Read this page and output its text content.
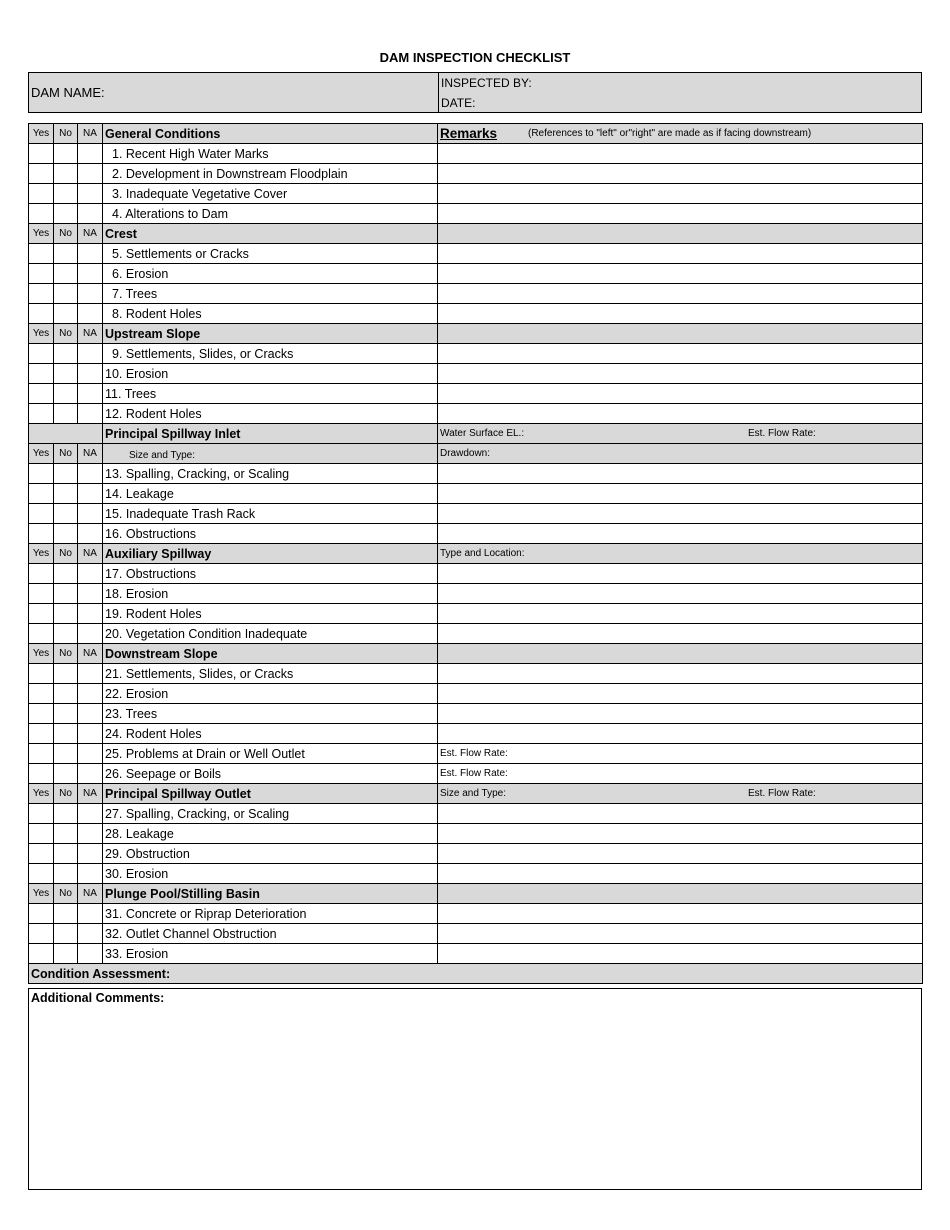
DAM INSPECTION CHECKLIST
DAM NAME:
INSPECTED BY:
DATE:
Yes	No	NA	General Conditions	Remarks (References to "left" or"right" are made as if facing downstream)

			1. Recent High Water Marks	
			2. Development in Downstream Floodplain	
			3. Inadequate Vegetative Cover	
			4. Alterations to Dam	
Yes	No	NA	Crest	
			5. Settlements or Cracks	
			6. Erosion	
			7. Trees	
			8. Rodent Holes	
Yes	No	NA	Upstream Slope	
			9. Settlements, Slides, or Cracks	
			10. Erosion	
			11. Trees	
			12. Rodent Holes	
			Principal Spillway Inlet	Water Surface EL.: Est. Flow Rate:

Yes	No	NA	Size and Type:	Drawdown:
			13. Spalling, Cracking, or Scaling	
			14. Leakage	
			15. Inadequate Trash Rack	
			16. Obstructions	
Yes	No	NA	Auxiliary Spillway	Type and Location:
			17. Obstructions	
			18. Erosion	
			19. Rodent Holes	
			20. Vegetation Condition Inadequate	
Yes	No	NA	Downstream Slope	
			21. Settlements, Slides, or Cracks	
			22. Erosion	
			23. Trees	
			24. Rodent Holes	
			25. Problems at Drain or Well Outlet	Est. Flow Rate:
			26. Seepage or Boils	Est. Flow Rate:
Yes	No	NA	Principal Spillway Outlet	Size and Type: Est. Flow Rate:

			27. Spalling, Cracking, or Scaling	
			28. Leakage	
			29. Obstruction	
			30. Erosion	
Yes	No	NA	Plunge Pool/Stilling Basin	
			31. Concrete or Riprap Deterioration	
			32. Outlet Channel Obstruction	
			33. Erosion	
Condition Assessment:				
Additional Comments:
